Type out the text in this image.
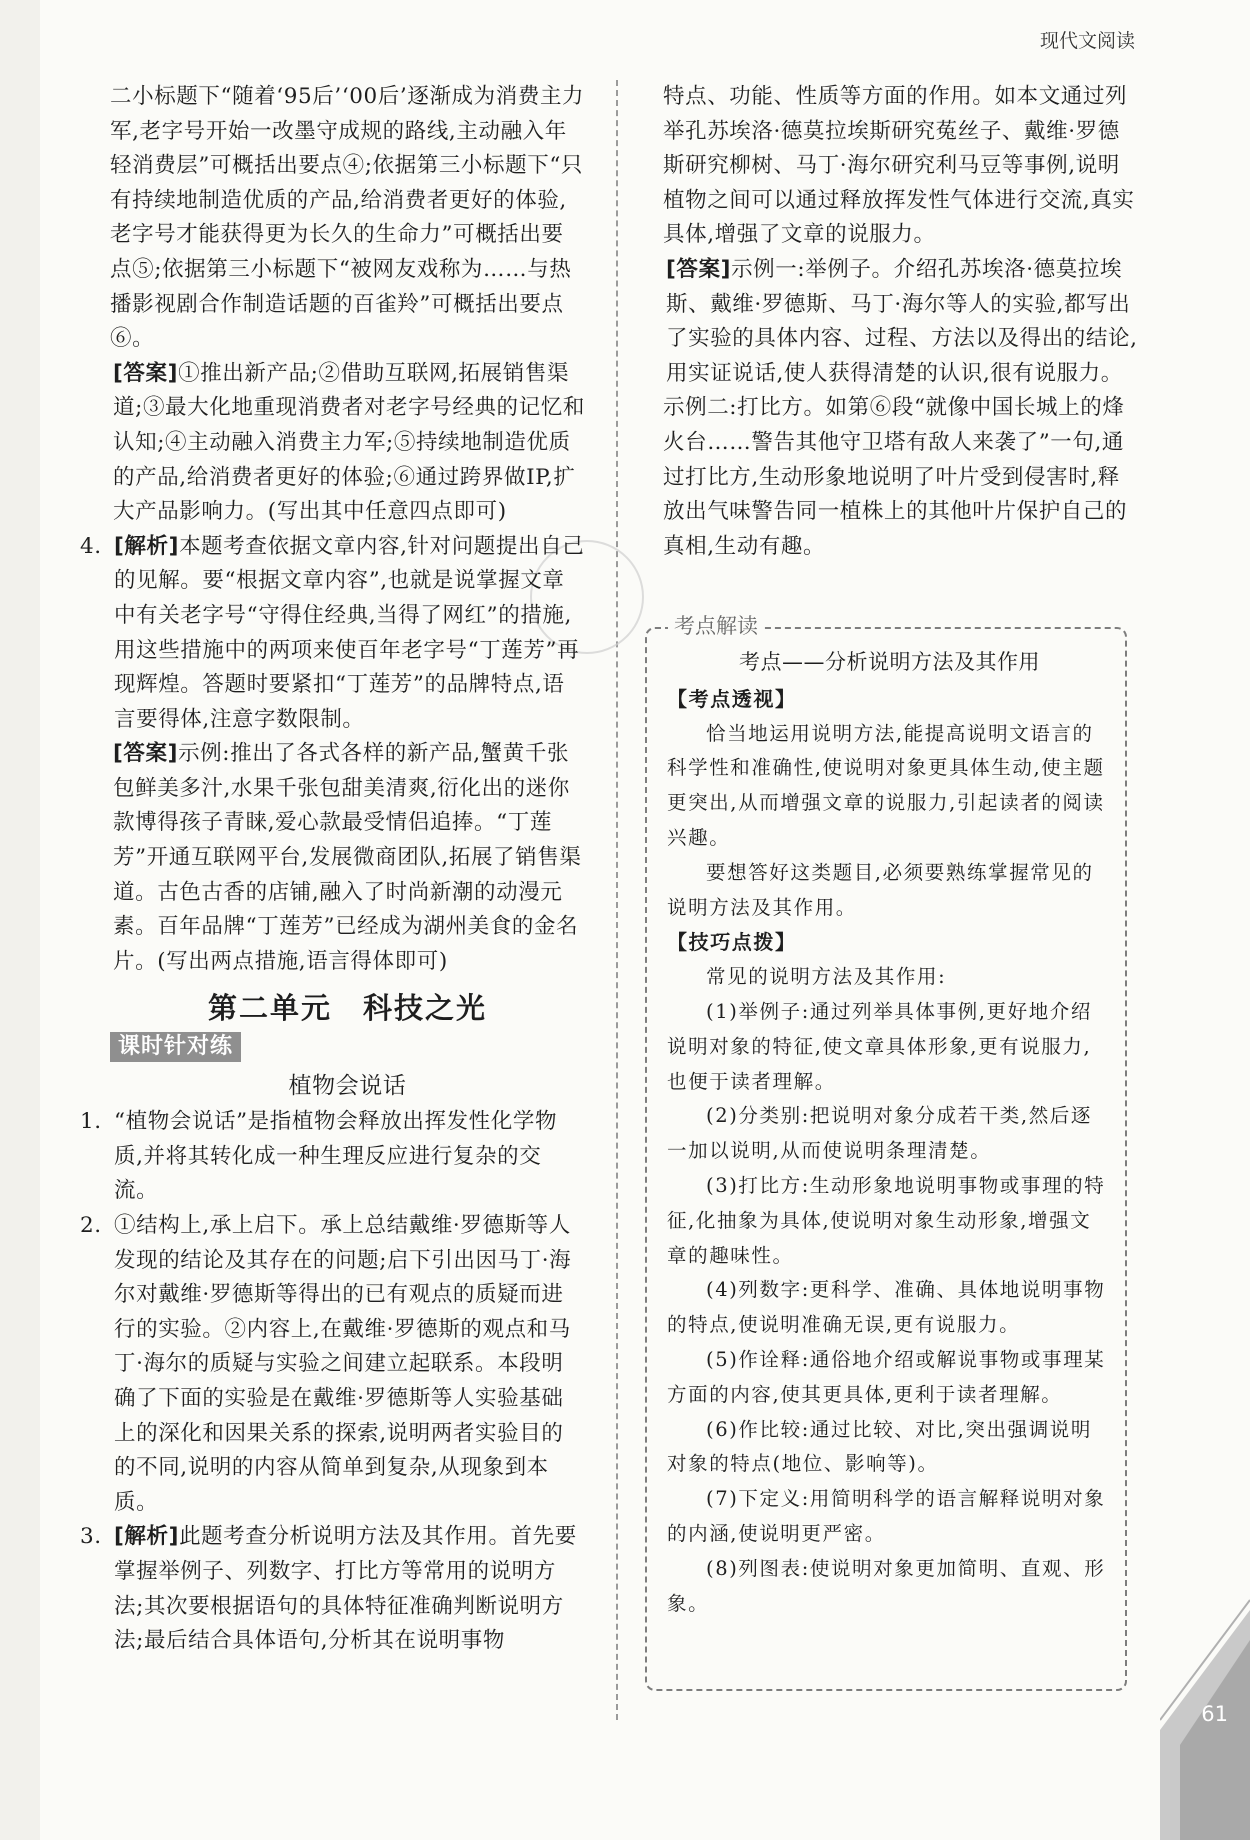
现代文阅读

二小标题下“随着‘95后’‘00后’逐渐成为消费主力军,老字号开始一改墨守成规的路线,主动融入年轻消费层”可概括出要点④;依据第三小标题下“只有持续地制造优质的产品,给消费者更好的体验,老字号才能获得更为长久的生命力”可概括出要点⑤;依据第三小标题下“被网友戏称为……与热播影视剧合作制造话题的百雀羚”可概括出要点⑥。

[答案]①推出新产品;②借助互联网,拓展销售渠道;③最大化地重现消费者对老字号经典的记忆和认知;④主动融入消费主力军;⑤持续地制造优质的产品,给消费者更好的体验;⑥通过跨界做IP,扩大产品影响力。(写出其中任意四点即可)

4. [解析]本题考查依据文章内容,针对问题提出自己的见解。要“根据文章内容”,也就是说掌握文章中有关老字号“守得住经典,当得了网红”的措施,用这些措施中的两项来使百年老字号“丁莲芳”再现辉煌。答题时要紧扣“丁莲芳”的品牌特点,语言要得体,注意字数限制。

[答案]示例:推出了各式各样的新产品,蟹黄千张包鲜美多汁,水果千张包甜美清爽,衍化出的迷你款博得孩子青睐,爱心款最受情侣追捧。“丁莲芳”开通互联网平台,发展微商团队,拓展了销售渠道。古色古香的店铺,融入了时尚新潮的动漫元素。百年品牌“丁莲芳”已经成为湖州美食的金名片。(写出两点措施,语言得体即可)

第二单元　科技之光
课时针对练
植物会说话
1. “植物会说话”是指植物会释放出挥发性化学物质,并将其转化成一种生理反应进行复杂的交流。

2. ①结构上,承上启下。承上总结戴维·罗德斯等人发现的结论及其存在的问题;启下引出因马丁·海尔对戴维·罗德斯等得出的已有观点的质疑而进行的实验。②内容上,在戴维·罗德斯的观点和马丁·海尔的质疑与实验之间建立起联系。本段明确了下面的实验是在戴维·罗德斯等人实验基础上的深化和因果关系的探索,说明两者实验目的的不同,说明的内容从简单到复杂,从现象到本质。

3. [解析]此题考查分析说明方法及其作用。首先要掌握举例子、列数字、打比方等常用的说明方法;其次要根据语句的具体特征准确判断说明方法;最后结合具体语句,分析其在说明事物

特点、功能、性质等方面的作用。如本文通过列举孔苏埃洛·德莫拉埃斯研究菟丝子、戴维·罗德斯研究柳树、马丁·海尔研究利马豆等事例,说明植物之间可以通过释放挥发性气体进行交流,真实具体,增强了文章的说服力。

[答案]示例一:举例子。介绍孔苏埃洛·德莫拉埃斯、戴维·罗德斯、马丁·海尔等人的实验,都写出了实验的具体内容、过程、方法以及得出的结论,用实证说话,使人获得清楚的认识,很有说服力。

示例二:打比方。如第⑥段“就像中国长城上的烽火台……警告其他守卫塔有敌人来袭了”一句,通过打比方,生动形象地说明了叶片受到侵害时,释放出气味警告同一植株上的其他叶片保护自己的真相,生动有趣。

考点解读
考点——分析说明方法及其作用
【考点透视】

恰当地运用说明方法,能提高说明文语言的科学性和准确性,使说明对象更具体生动,使主题更突出,从而增强文章的说服力,引起读者的阅读兴趣。

要想答好这类题目,必须要熟练掌握常见的说明方法及其作用。

【技巧点拨】

常见的说明方法及其作用:

(1)举例子:通过列举具体事例,更好地介绍说明对象的特征,使文章具体形象,更有说服力,也便于读者理解。

(2)分类别:把说明对象分成若干类,然后逐一加以说明,从而使说明条理清楚。

(3)打比方:生动形象地说明事物或事理的特征,化抽象为具体,使说明对象生动形象,增强文章的趣味性。

(4)列数字:更科学、准确、具体地说明事物的特点,使说明准确无误,更有说服力。

(5)作诠释:通俗地介绍或解说事物或事理某方面的内容,使其更具体,更利于读者理解。

(6)作比较:通过比较、对比,突出强调说明对象的特点(地位、影响等)。

(7)下定义:用简明科学的语言解释说明对象的内涵,使说明更严密。

(8)列图表:使说明对象更加简明、直观、形象。

61
